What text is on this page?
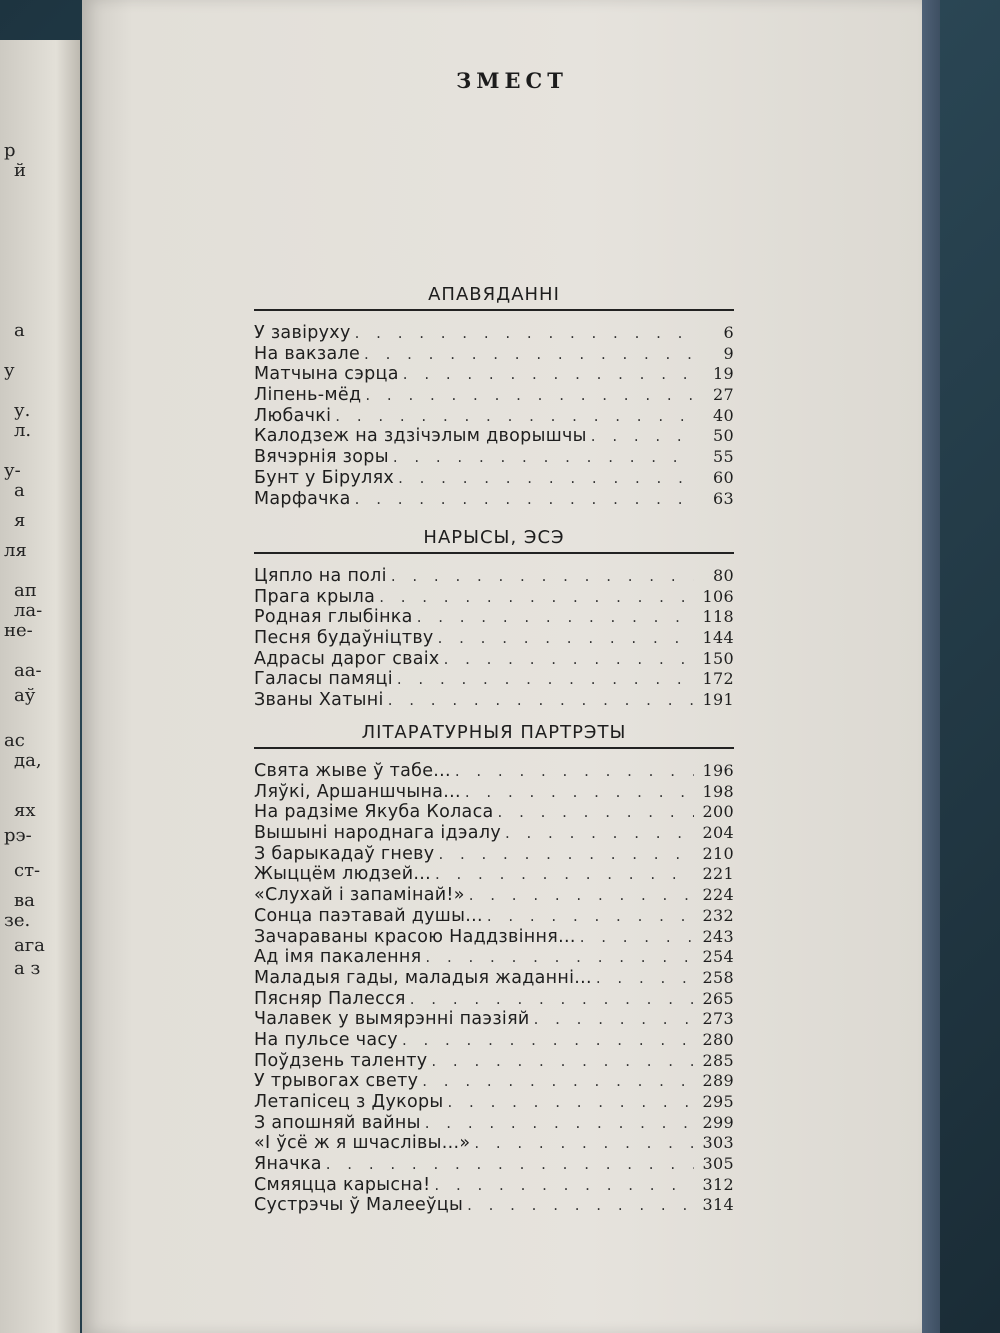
р
й
а
у
у.
л.
у-
а
я
ля
ап
ла-
не-
аа-
аў
ас
да,
ях
рэ-
ст-
ва
зе.
ага
а з
ЗМЕСТ
АПАВЯДАННІ
У завіруху . . .	6
На вакзале . . .	9
Матчына сэрца . . .	19
Ліпень-мёд . . .	27
Любачкі . . .	40
Калодзеж на здзічэлым дворышчы . . .	50
Вячэрнія зоры . . .	55
Бунт у Бірулях . . .	60
Марфачка . . .	63
НАРЫСЫ, ЭСЭ
Цяпло на полі . . .	80
Прага крыла . . .	106
Родная глыбінка . . .	118
Песня будаўніцтву . . .	144
Адрасы дарог сваіх . . .	150
Галасы памяці . . .	172
Званы Хатыні . . .	191
ЛІТАРАТУРНЫЯ ПАРТРЭТЫ
Свята жыве ў табе... . . .	196
Ляўкі, Аршаншчына... . . .	198
На радзіме Якуба Коласа . . .	200
Вышыні народнага ідэалу . . .	204
З барыкадаў гневу . . .	210
Жыццём людзей... . . .	221
«Слухай і запамінай!» . . .	224
Сонца паэтавай душы... . . .	232
Зачараваны красою Наддзвіння... . . .	243
Ад імя пакалення . . .	254
Маладыя гады, маладыя жаданні... . . .	258
Пясняр Палесся . . .	265
Чалавек у вымярэнні паэзіяй . . .	273
На пульсе часу . . .	280
Поўдзень таленту . . .	285
У трывогах свету . . .	289
Летапісец з Дукоры . . .	295
З апошняй вайны . . .	299
«І ўсё ж я шчаслівы...» . . .	303
Яначка . . .	305
Смяяцца карысна! . . .	312
Сустрэчы ў Малееўцы . . .	314
